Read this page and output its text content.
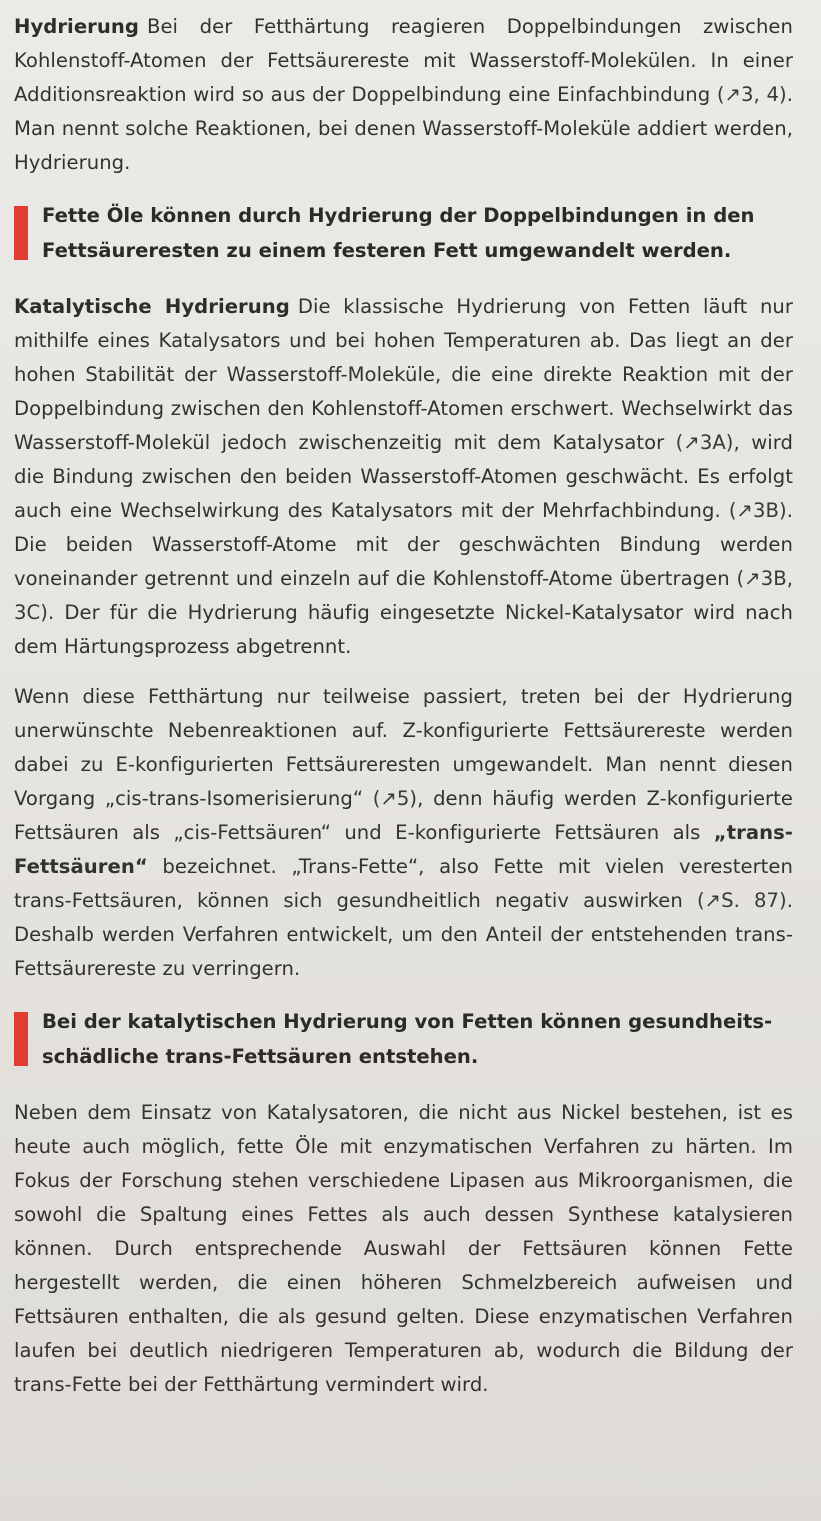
Hydrierung Bei der Fetthärtung reagieren Doppelbindungen zwischen Kohlenstoff-Atomen der Fettsäurereste mit Wasserstoff-Molekülen. In einer Additionsreaktion wird so aus der Doppelbindung eine Einfachbindung (↗3, 4). Man nennt solche Reaktionen, bei denen Wasserstoff-Moleküle addiert werden, Hydrierung.

Fette Öle können durch Hydrierung der Doppelbindungen in den
Fettsäureresten zu einem festeren Fett umgewandelt werden.

Katalytische Hydrierung Die klassische Hydrierung von Fetten läuft nur mithilfe eines Katalysators und bei hohen Temperaturen ab. Das liegt an der hohen Stabilität der Wasserstoff-Moleküle, die eine direkte Reaktion mit der Doppelbindung zwischen den Kohlenstoff-Atomen erschwert. Wechselwirkt das Wasserstoff-Molekül jedoch zwischenzeitig mit dem Katalysator (↗3A), wird die Bindung zwischen den beiden Wasserstoff-Atomen geschwächt. Es erfolgt auch eine Wechselwirkung des Katalysators mit der Mehrfachbindung. (↗3B). Die beiden Wasserstoff-Atome mit der geschwächten Bindung werden voneinander getrennt und einzeln auf die Kohlenstoff-Atome übertragen (↗3B, 3C). Der für die Hydrierung häufig eingesetzte Nickel-Katalysator wird nach dem Härtungsprozess abgetrennt.

Wenn diese Fetthärtung nur teilweise passiert, treten bei der Hydrierung unerwünschte Nebenreaktionen auf. Z-konfigurierte Fettsäurereste werden dabei zu E-konfigurierten Fettsäureresten umgewandelt. Man nennt diesen Vorgang „cis-trans-Isomerisierung“ (↗5), denn häufig werden Z-konfigurierte Fettsäuren als „cis-Fettsäuren“ und E-konfigurierte Fettsäuren als „trans-Fettsäuren“ bezeichnet. „Trans-Fette“, also Fette mit vielen veresterten trans-Fettsäuren, können sich gesundheitlich negativ auswirken (↗S. 87). Deshalb werden Verfahren entwickelt, um den Anteil der entstehenden trans-Fettsäurereste zu verringern.

Bei der katalytischen Hydrierung von Fetten können gesundheits-
schädliche trans-Fettsäuren entstehen.

Neben dem Einsatz von Katalysatoren, die nicht aus Nickel bestehen, ist es heute auch möglich, fette Öle mit enzymatischen Verfahren zu härten. Im Fokus der Forschung stehen verschiedene Lipasen aus Mikroorganismen, die sowohl die Spaltung eines Fettes als auch dessen Synthese katalysieren können. Durch entsprechende Auswahl der Fettsäuren können Fette hergestellt werden, die einen höheren Schmelzbereich aufweisen und Fettsäuren enthalten, die als gesund gelten. Diese enzymatischen Verfahren laufen bei deutlich niedrigeren Temperaturen ab, wodurch die Bildung der trans-Fette bei der Fetthärtung vermindert wird.
